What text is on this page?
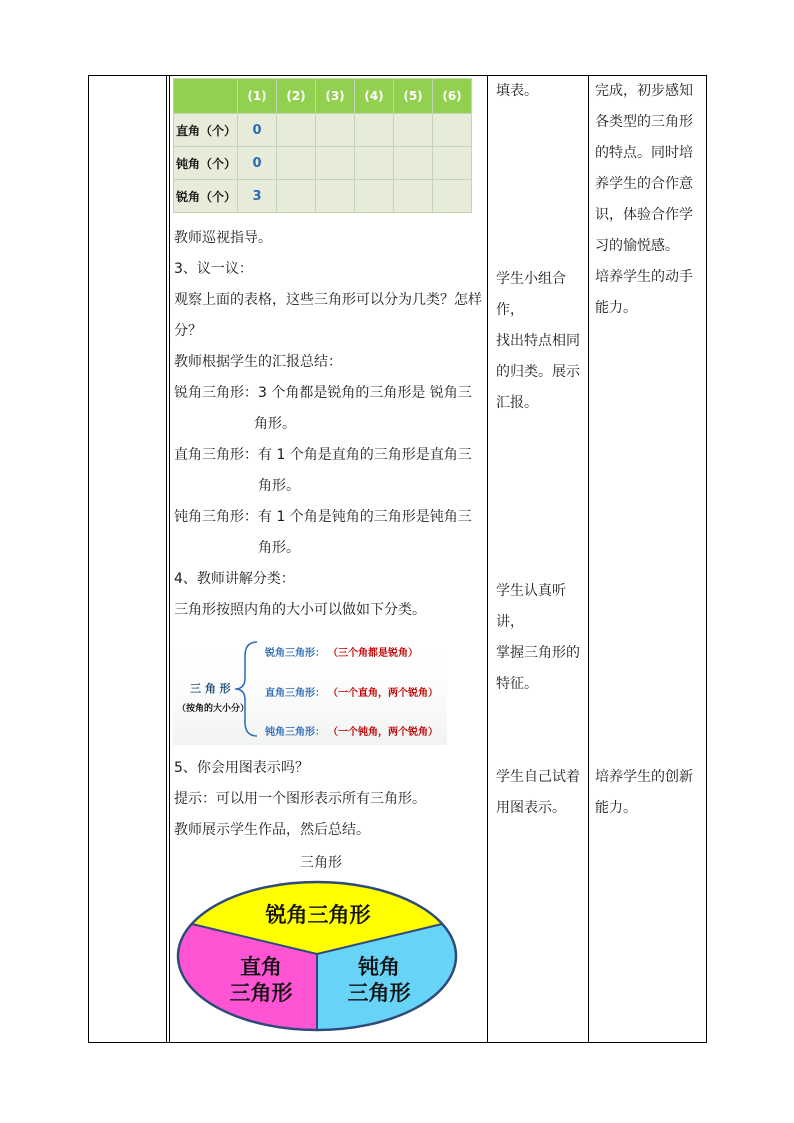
	(1)	(2)	(3)	(4)	(5)	(6)
直角（个）	0					
钝角（个）	0					
锐角（个）	3					

教师巡视指导。

3、议一议：

观察上面的表格，这些三角形可以分为几类？怎样

分？

教师根据学生的汇报总结：

锐角三角形：3 个角都是锐角的三角形是 锐角三

角形。

直角三角形：有 1 个角是直角的三角形是直角三

角形。

钝角三角形：有 1 个角是钝角的三角形是钝角三

角形。

4、教师讲解分类：

三角形按照内角的大小可以做如下分类。

三 角 形
（按角的大小分）
锐角三角形： （三个角都是锐角）
直角三角形： （一个直角，两个锐角）
钝角三角形： （一个钝角，两个锐角）

5、你会用图表示吗？

提示：可以用一个图形表示所有三角形。

教师展示学生作品，然后总结。

三角形
锐角三角形
直角
三角形
钝角
三角形

填表。

学生小组合作，

找出特点相同

的归类。展示

汇报。

学生认真听讲，

掌握三角形的

特征。

学生自己试着

用图表示。

完成，初步感知

各类型的三角形

的特点。同时培

养学生的合作意

识，体验合作学

习的愉悦感。

培养学生的动手

能力。

培养学生的创新

能力。
